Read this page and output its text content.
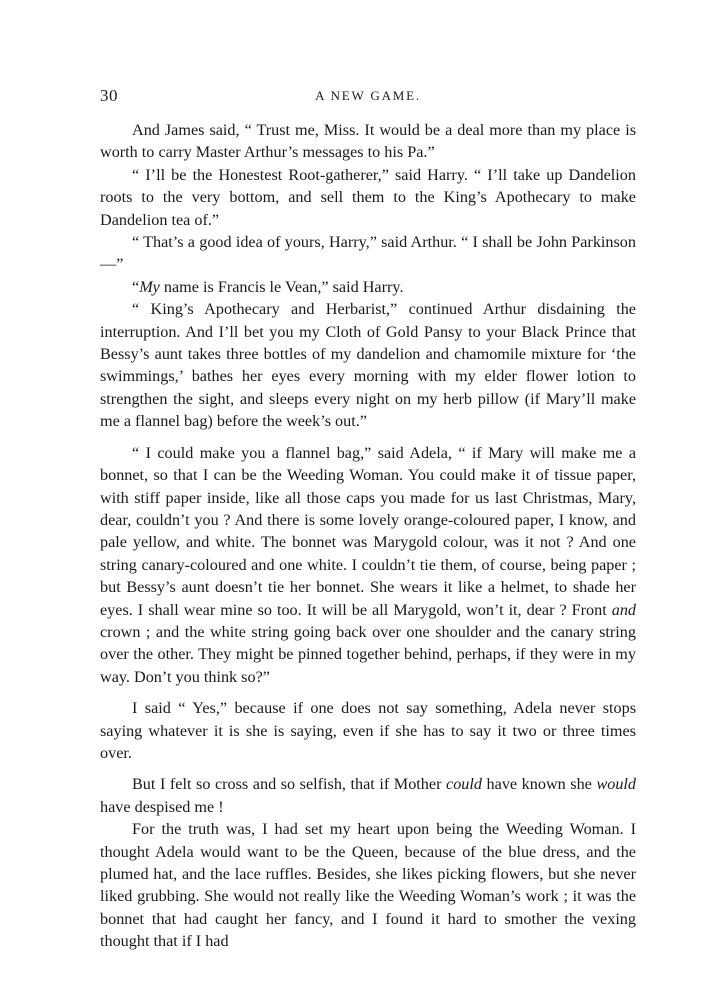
30	A NEW GAME.

And James said, “ Trust me, Miss. It would be a deal more than my place is worth to carry Master Arthur’s messages to his Pa.”

“ I’ll be the Honestest Root-gatherer,” said Harry. “ I’ll take up Dandelion roots to the very bottom, and sell them to the King’s Apothecary to make Dandelion tea of.”

“ That’s a good idea of yours, Harry,” said Arthur. “ I shall be John Parkinson—”

“My name is Francis le Vean,” said Harry.

“ King’s Apothecary and Herbarist,” continued Arthur disdaining the interruption. And I’ll bet you my Cloth of Gold Pansy to your Black Prince that Bessy’s aunt takes three bottles of my dandelion and chamomile mixture for ‘the swimmings,’ bathes her eyes every morning with my elder flower lotion to strengthen the sight, and sleeps every night on my herb pillow (if Mary’ll make me a flannel bag) before the week’s out.”

“ I could make you a flannel bag,” said Adela, “ if Mary will make me a bonnet, so that I can be the Weeding Woman. You could make it of tissue paper, with stiff paper inside, like all those caps you made for us last Christmas, Mary, dear, couldn’t you ? And there is some lovely orange-coloured paper, I know, and pale yellow, and white. The bonnet was Marygold colour, was it not ? And one string canary-coloured and one white. I couldn’t tie them, of course, being paper ; but Bessy’s aunt doesn’t tie her bonnet. She wears it like a helmet, to shade her eyes. I shall wear mine so too. It will be all Marygold, won’t it, dear ? Front and crown ; and the white string going back over one shoulder and the canary string over the other. They might be pinned together behind, perhaps, if they were in my way. Don’t you think so?”

I said “ Yes,” because if one does not say something, Adela never stops saying whatever it is she is saying, even if she has to say it two or three times over.

But I felt so cross and so selfish, that if Mother could have known she would have despised me !

For the truth was, I had set my heart upon being the Weeding Woman. I thought Adela would want to be the Queen, because of the blue dress, and the plumed hat, and the lace ruffles. Besides, she likes picking flowers, but she never liked grubbing. She would not really like the Weeding Woman’s work ; it was the bonnet that had caught her fancy, and I found it hard to smother the vexing thought that if I had
